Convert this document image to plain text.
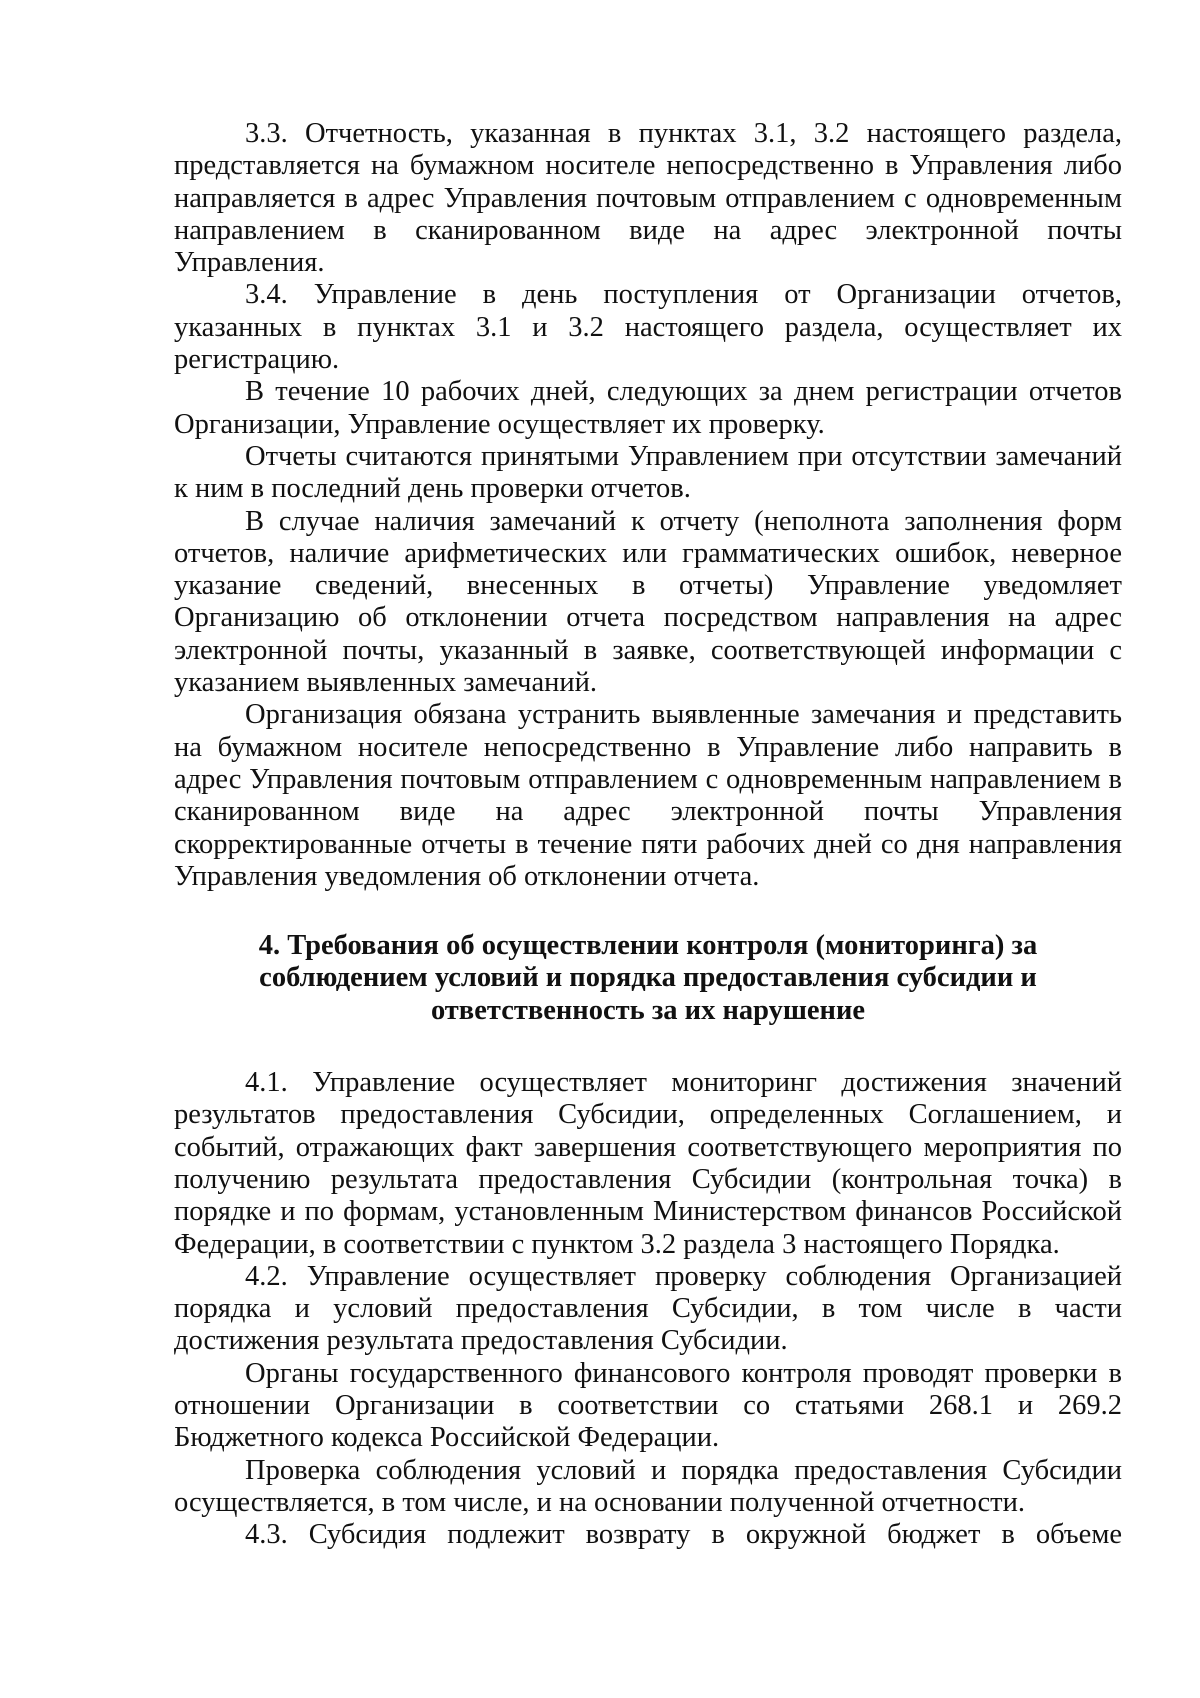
3.3. Отчетность, указанная в пунктах 3.1, 3.2 настоящего раздела, представляется на бумажном носителе непосредственно в Управления либо направляется в адрес Управления почтовым отправлением с одновременным направлением в сканированном виде на адрес электронной почты Управления.

3.4. Управление в день поступления от Организации отчетов, указанных в пунктах 3.1 и 3.2 настоящего раздела, осуществляет их регистрацию.

В течение 10 рабочих дней, следующих за днем регистрации отчетов Организации, Управление осуществляет их проверку.

Отчеты считаются принятыми Управлением при отсутствии замечаний к ним в последний день проверки отчетов.

В случае наличия замечаний к отчету (неполнота заполнения форм отчетов, наличие арифметических или грамматических ошибок, неверное указание сведений, внесенных в отчеты) Управление уведомляет Организацию об отклонении отчета посредством направления на адрес электронной почты, указанный в заявке, соответствующей информации с указанием выявленных замечаний.

Организация обязана устранить выявленные замечания и представить на бумажном носителе непосредственно в Управление либо направить в адрес Управления почтовым отправлением с одновременным направлением в сканированном виде на адрес электронной почты Управления скорректированные отчеты в течение пяти рабочих дней со дня направления Управления уведомления об отклонении отчета.

4. Требования об осуществлении контроля (мониторинга) за соблюдением условий и порядка предоставления субсидии и ответственность за их нарушение

4.1. Управление осуществляет мониторинг достижения значений результатов предоставления Субсидии, определенных Соглашением, и событий, отражающих факт завершения соответствующего мероприятия по получению результата предоставления Субсидии (контрольная точка) в порядке и по формам, установленным Министерством финансов Российской Федерации, в соответствии с пунктом 3.2 раздела 3 настоящего Порядка.

4.2. Управление осуществляет проверку соблюдения Организацией порядка и условий предоставления Субсидии, в том числе в части достижения результата предоставления Субсидии.

Органы государственного финансового контроля проводят проверки в отношении Организации в соответствии со статьями 268.1 и 269.2 Бюджетного кодекса Российской Федерации.

Проверка соблюдения условий и порядка предоставления Субсидии осуществляется, в том числе, и на основании полученной отчетности.

4.3. Субсидия подлежит возврату в окружной бюджет в объеме
